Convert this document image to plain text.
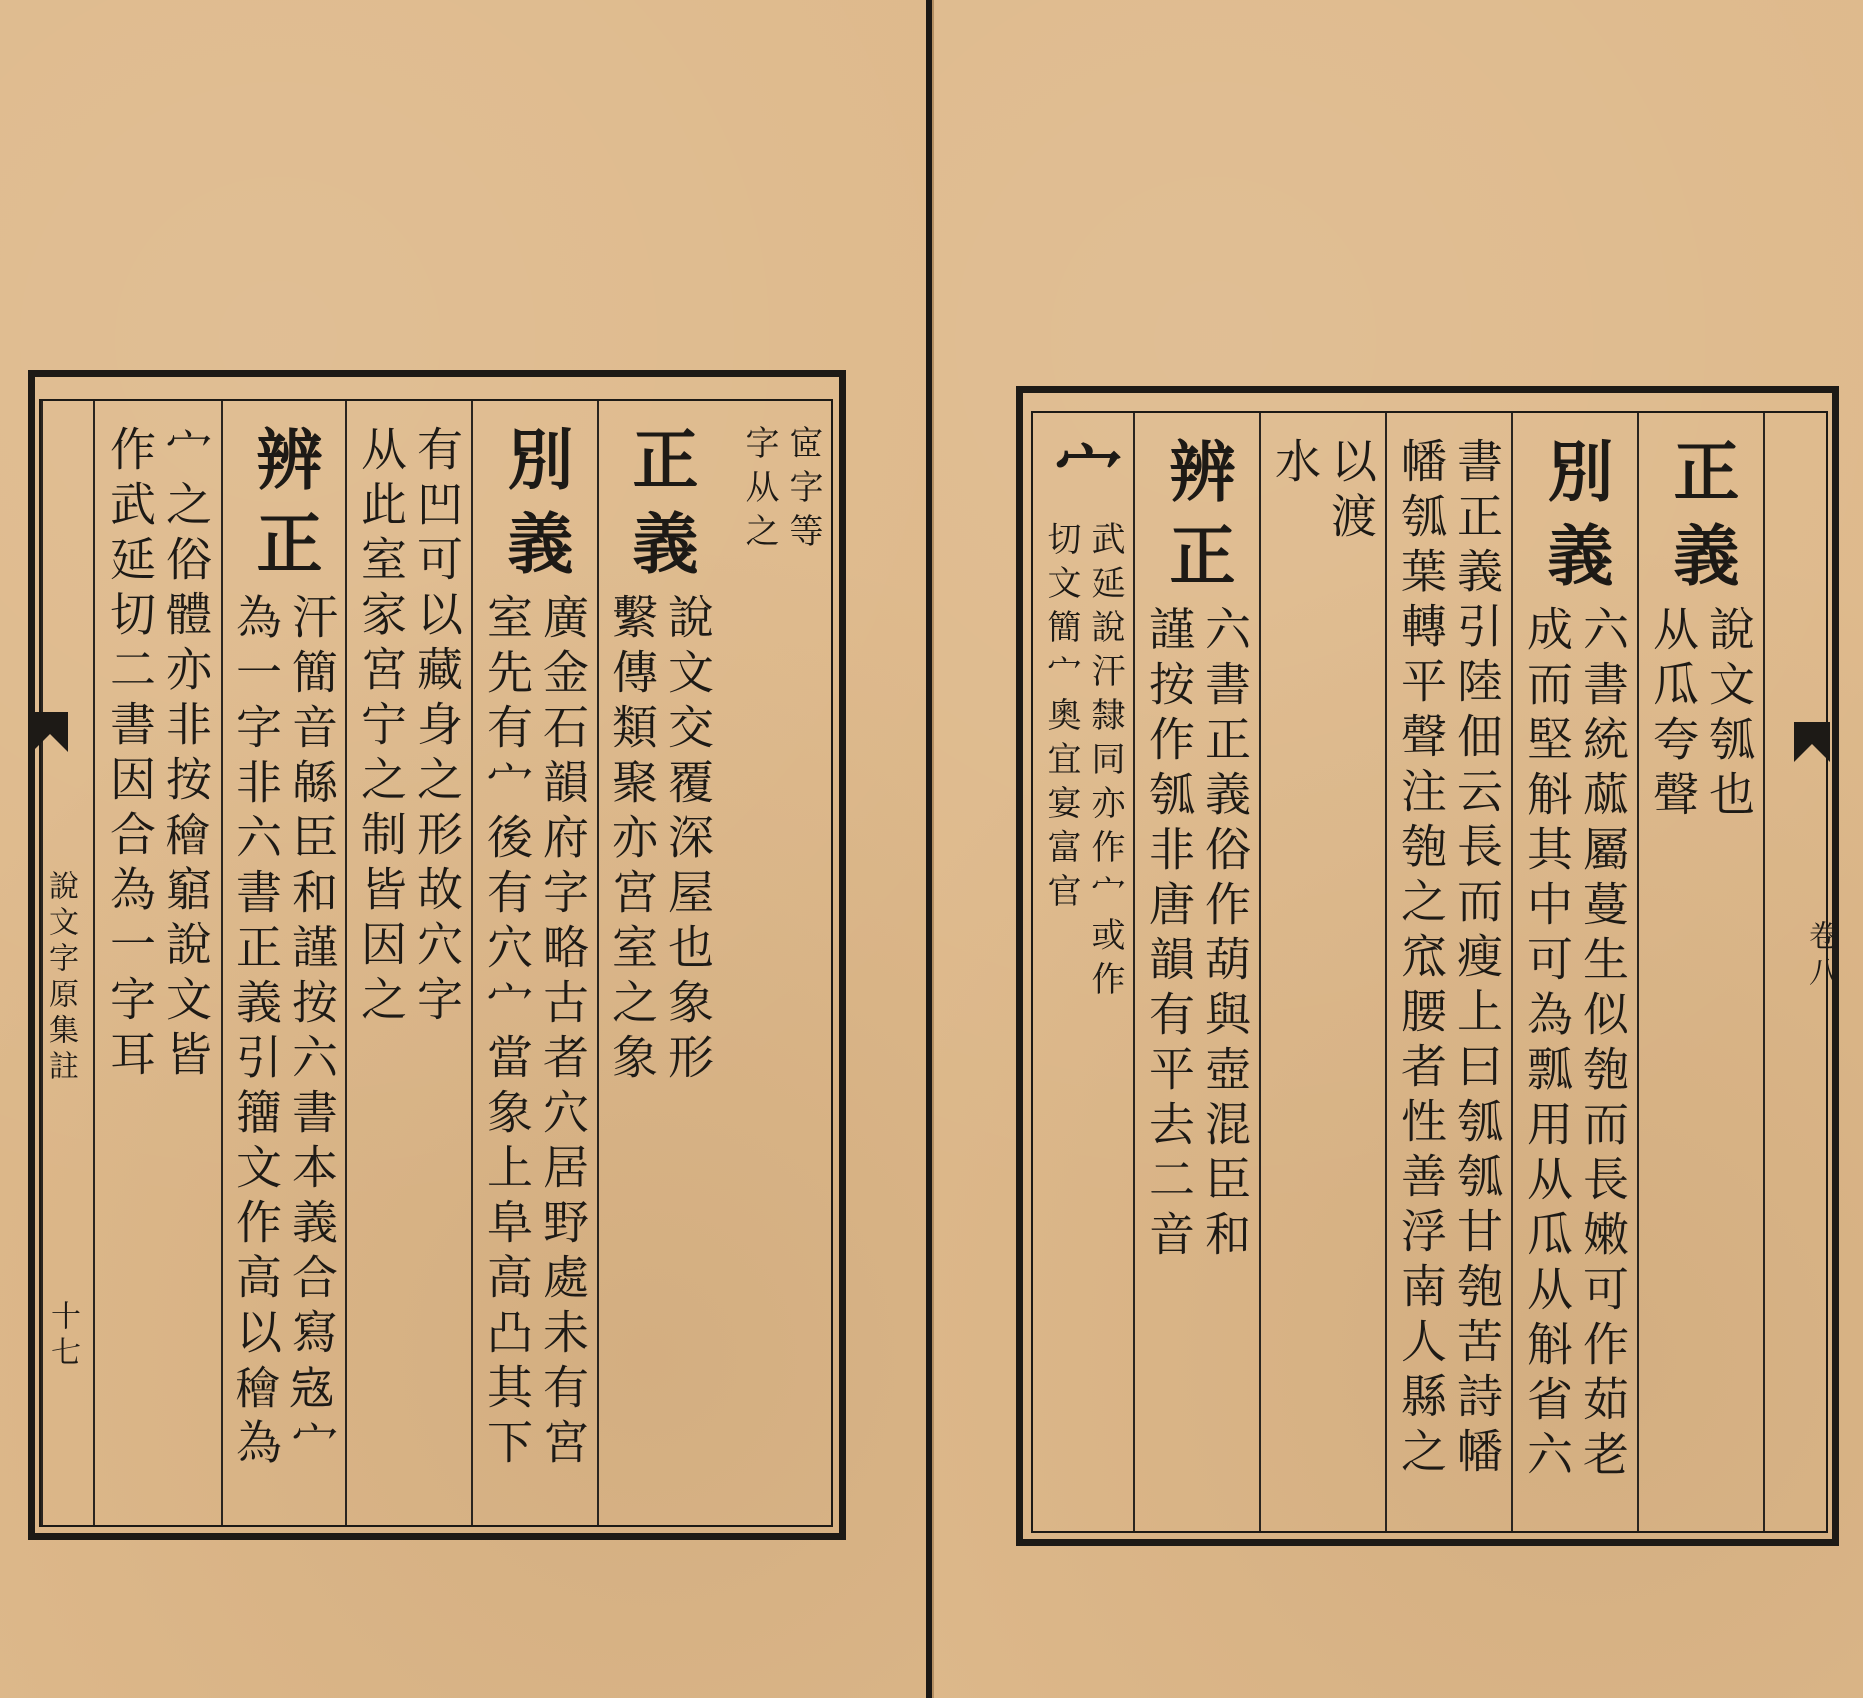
宧字等
字从之
正義
說文交覆深屋也象形
繫傳類聚亦宮室之象
別義
廣金石韻府字略古者穴居野處未有宮
室先有宀後有穴宀當象上阜高凸其下
有凹可以藏身之形故穴字
从此室家宮宁之制皆因之
辨正
汗簡音緜臣和謹按六書本義合寫𡨥宀
為一字非六書正義引籒文作高以𥢶為
宀之俗體亦非按𥢶竆說文皆
作武延切二書因合為一字耳
說文字原集註
十七
正義
說文瓠也
从瓜夸聲
別義
六書統蓏屬蔓生似匏而長嫩可作茹老
成而堅斛其中可為瓢用从瓜从斛省六
書正義引陸佃云長而瘦上曰瓠瓠甘匏苦詩幡
幡瓠葉轉平聲注匏之窊腰者性善浮南人縣之
以渡
水
辨正
六書正義俗作葫與壺混臣和
謹按作瓠非唐韻有平去二音
宀
武延說汗隸同亦作宀或作
切文簡宀奧宜宴富官
卷八
